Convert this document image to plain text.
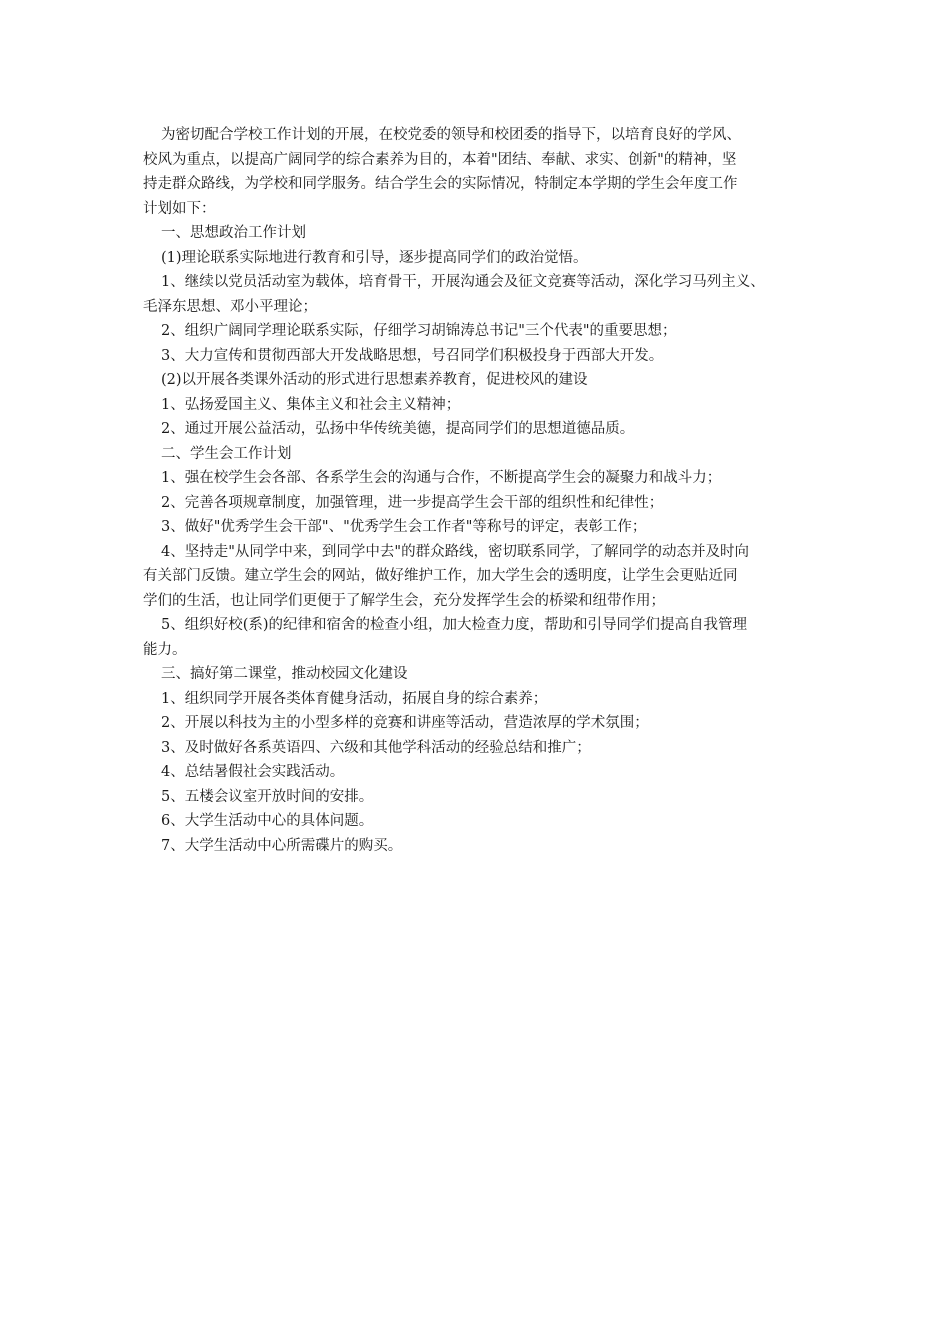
为密切配合学校工作计划的开展，在校党委的领导和校团委的指导下，以培育良好的学风、
校风为重点，以提高广阔同学的综合素养为目的，本着"团结、奉献、求实、创新"的精神，坚
持走群众路线，为学校和同学服务。结合学生会的实际情况，特制定本学期的学生会年度工作
计划如下：
一、思想政治工作计划
(1)理论联系实际地进行教育和引导，逐步提高同学们的政治觉悟。
1、继续以党员活动室为载体，培育骨干，开展沟通会及征文竞赛等活动，深化学习马列主义、
毛泽东思想、邓小平理论；
2、组织广阔同学理论联系实际，仔细学习胡锦涛总书记"三个代表"的重要思想；
3、大力宣传和贯彻西部大开发战略思想，号召同学们积极投身于西部大开发。
(2)以开展各类课外活动的形式进行思想素养教育，促进校风的建设
1、弘扬爱国主义、集体主义和社会主义精神；
2、通过开展公益活动，弘扬中华传统美德，提高同学们的思想道德品质。
二、学生会工作计划
1、强在校学生会各部、各系学生会的沟通与合作，不断提高学生会的凝聚力和战斗力；
2、完善各项规章制度，加强管理，进一步提高学生会干部的组织性和纪律性；
3、做好"优秀学生会干部"、"优秀学生会工作者"等称号的评定，表彰工作；
4、坚持走"从同学中来，到同学中去"的群众路线，密切联系同学，了解同学的动态并及时向
有关部门反馈。建立学生会的网站，做好维护工作，加大学生会的透明度，让学生会更贴近同
学们的生活，也让同学们更便于了解学生会，充分发挥学生会的桥梁和纽带作用；
5、组织好校(系)的纪律和宿舍的检查小组，加大检查力度，帮助和引导同学们提高自我管理
能力。
三、搞好第二课堂，推动校园文化建设
1、组织同学开展各类体育健身活动，拓展自身的综合素养；
2、开展以科技为主的小型多样的竞赛和讲座等活动，营造浓厚的学术氛围；
3、及时做好各系英语四、六级和其他学科活动的经验总结和推广；
4、总结暑假社会实践活动。
5、五楼会议室开放时间的安排。
6、大学生活动中心的具体问题。
7、大学生活动中心所需碟片的购买。
